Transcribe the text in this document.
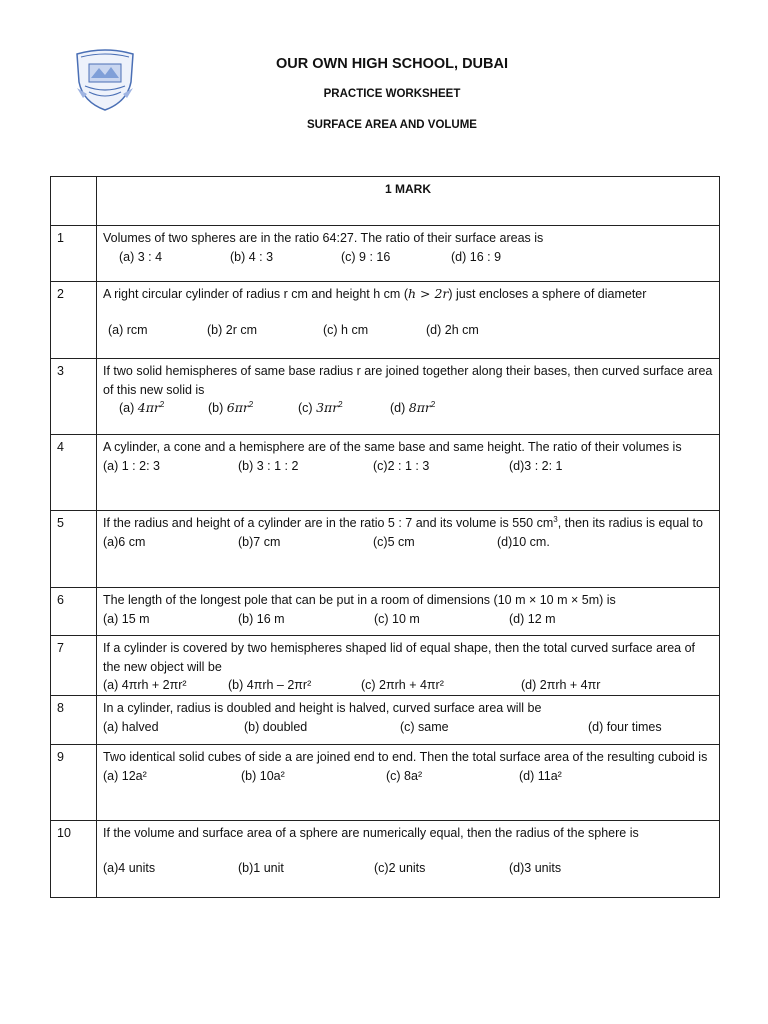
OUR OWN HIGH SCHOOL, DUBAI
PRACTICE WORKSHEET
SURFACE AREA AND VOLUME
	1 MARK
1	Volumes of two spheres are in the ratio 64:27. The ratio of their surface areas is
(a) 3 : 4 (b) 4 : 3 (c) 9 : 16 (d) 16 : 9

2	A right circular cylinder of radius r cm and height h cm (h > 2r) just encloses a sphere of diameter
(a) rcm (b) 2r cm (c) h cm (d) 2h cm

3	If two solid hemispheres of same base radius r are joined together along their bases, then curved surface area of this new solid is
(a) $4\pi r^2$ (b) $6\pi r^2$ (c) $3\pi r^2$ (d) $8\pi r^2$

4	A cylinder, a cone and a hemisphere are of the same base and same height. The ratio of their volumes is
(a) 1 : 2: 3 (b) 3 : 1 : 2 (c)2 : 1 : 3 (d)3 : 2: 1

5	If the radius and height of a cylinder are in the ratio 5 : 7 and its volume is 550 $cm^3$, then its radius is equal to
(a)6 cm (b)7 cm (c)5 cm (d)10 cm.

6	The length of the longest pole that can be put in a room of dimensions (10 m × 10 m × 5m) is
(a) 15 m (b) 16 m (c) 10 m (d) 12 m

7	If a cylinder is covered by two hemispheres shaped lid of equal shape, then the total curved surface area of the new object will be
(a) 4πrh + 2πr² (b) 4πrh – 2πr² (c) 2πrh + 4πr² (d) 2πrh + 4πr

8	In a cylinder, radius is doubled and height is halved, curved surface area will be
(a) halved (b) doubled (c) same (d) four times

9	Two identical solid cubes of side a are joined end to end. Then the total surface area of the resulting cuboid is
(a) 12a² (b) 10a² (c) 8a² (d) 11a²

10	If the volume and surface area of a sphere are numerically equal, then the radius of the sphere is
(a)4 units (b)1 unit (c)2 units (d)3 units
